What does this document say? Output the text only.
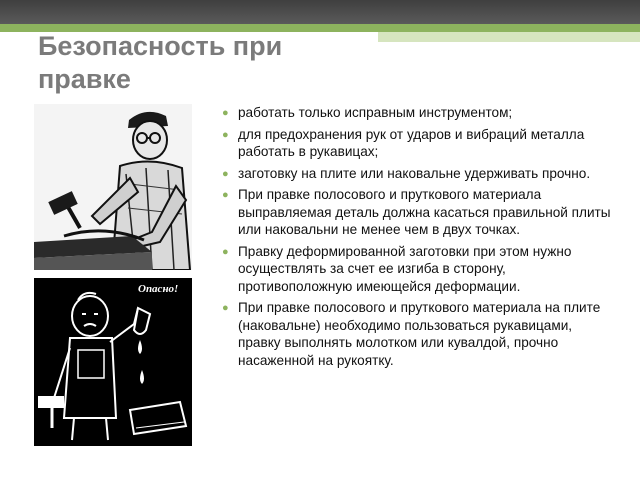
Безопасность при правке
Опасно!
● работать только исправным инструментом;
● для предохранения рук от ударов и вибраций металла работать в рукавицах;
● заготовку на плите или наковальне удерживать прочно.
● При правке полосового и пруткового материала выправляемая деталь должна касаться правильной плиты или наковальни не менее чем в двух точках.
● Правку деформированной заготовки при этом нужно осуществлять за счет ее изгиба в сторону, противоположную имеющейся деформации.
● При правке полосового и пруткового материала на плите (наковальне) необходимо пользоваться рукавицами, правку выполнять молотком или кувалдой, прочно насаженной на рукоятку.
